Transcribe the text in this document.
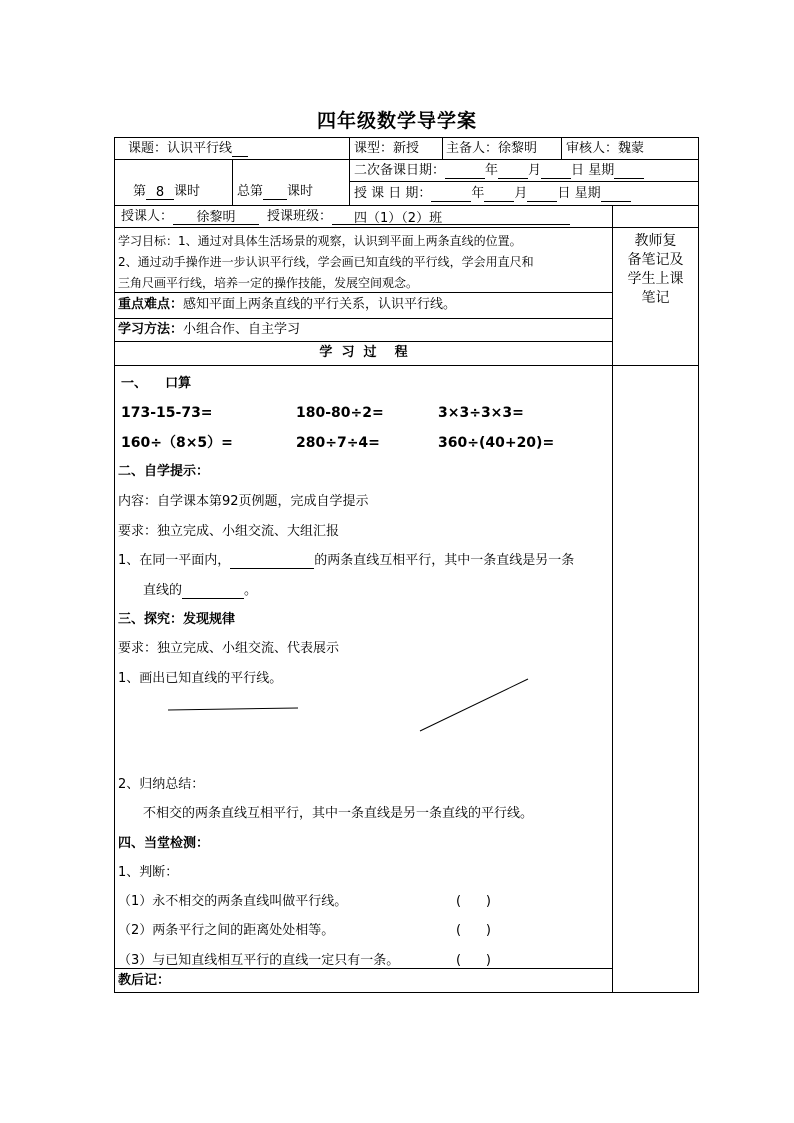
四年级数学导学案
课题：认识平行线	课型：新授 主备人：徐黎明 审核人：魏蒙
第 8 课时	总第 课时
二次备课日期：	年 月 日 星期
授 课 日 期：	年 月 日 星期
授课人： 徐黎明 授课班级： 四（1）（2）班
教师复
备笔记及
学生上课
笔记
学习目标：1、通过对具体生活场景的观察，认识到平面上两条直线的位置。
2、通过动手操作进一步认识平行线，学会画已知直线的平行线，学会用直尺和
三角尺画平行线，培养一定的操作技能，发展空间观念。
重点难点：感知平面上两条直线的平行关系，认识平行线。
学习方法：小组合作、自主学习
学  习  过    程
一、    口算
173-15-73=	180-80÷2=	3×3÷3×3=
160÷（8×5）=	280÷7÷4=	360÷(40+20)=
二、自学提示：
内容：自学课本第92页例题，完成自学提示
要求：独立完成、小组交流、大组汇报
1、在同一平面内，	的两条直线互相平行，其中一条直线是另一条
直线的	。
三、探究：发现规律
要求：独立完成、小组交流、代表展示
1、画出已知直线的平行线。
2、归纳总结：
不相交的两条直线互相平行，其中一条直线是另一条直线的平行线。
四、当堂检测：
1、判断：
（1）永不相交的两条直线叫做平行线。	(      )
（2）两条平行之间的距离处处相等。	(      )
（3）与已知直线相互平行的直线一定只有一条。	(      )
教后记：
